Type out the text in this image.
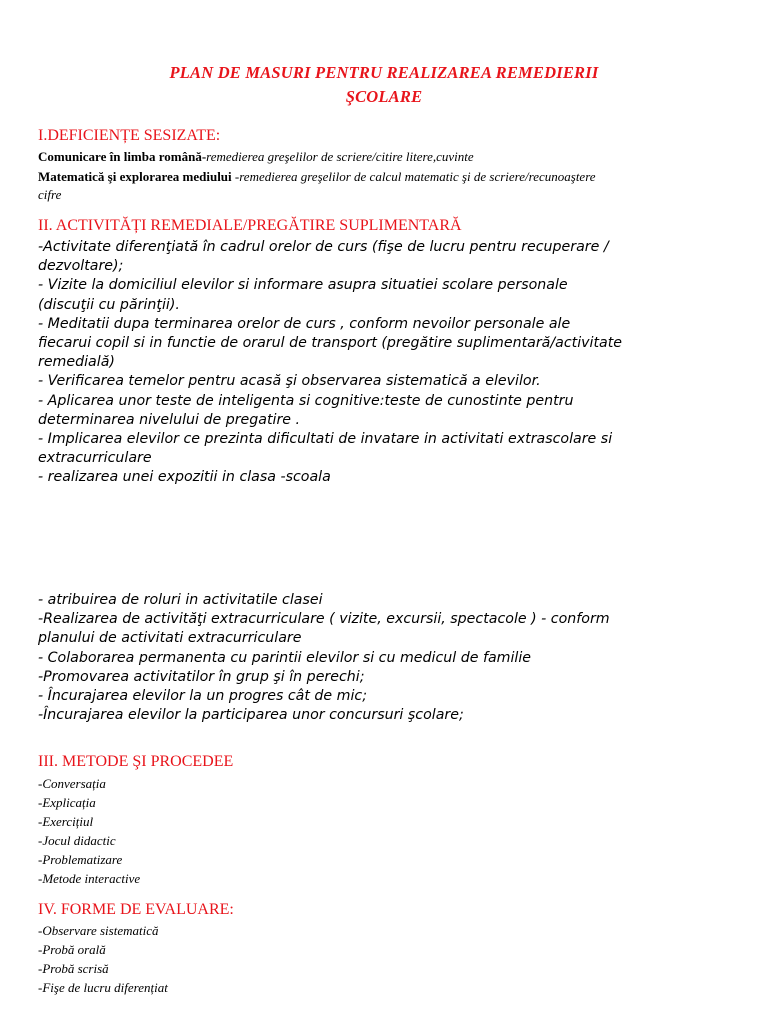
PLAN DE MASURI PENTRU REALIZAREA REMEDIERII
ŞCOLARE
I.DEFICIENȚE SESIZATE:
Comunicare în limba română-remedierea greşelilor de scriere/citire litere,cuvinte
Matematică şi explorarea mediului -remedierea greşelilor de calcul matematic şi de scriere/recunoaştere
cifre
II. ACTIVITĂȚI REMEDIALE/PREGĂTIRE SUPLIMENTARĂ
-Activitate diferenţiată în cadrul orelor de curs (fişe de lucru pentru recuperare /
dezvoltare);
- Vizite la domiciliul elevilor si informare asupra situatiei scolare personale
(discuţii cu părinţii).
- Meditatii dupa terminarea orelor de curs , conform nevoilor personale ale
fiecarui copil si in functie de orarul de transport (pregătire suplimentară/activitate
remedială)
- Verificarea temelor pentru acasă şi observarea sistematică a elevilor.
- Aplicarea unor teste de inteligenta si cognitive:teste de cunostinte pentru
determinarea nivelului de pregatire .
- Implicarea elevilor ce prezinta dificultati de invatare in activitati extrascolare si
extracurriculare
- realizarea unei expozitii in clasa -scoala
- atribuirea de roluri in activitatile clasei
-Realizarea de activităţi extracurriculare ( vizite, excursii, spectacole ) - conform
planului de activitati extracurriculare
- Colaborarea permanenta cu parintii elevilor si cu medicul de familie
-Promovarea activitatilor în grup şi în perechi;
- Încurajarea elevilor la un progres cât de mic;
-Încurajarea elevilor la participarea unor concursuri şcolare;
III. METODE ŞI PROCEDEE
-Conversația
-Explicația
-Exercițiul
-Jocul didactic
-Problematizare
-Metode interactive
IV. FORME DE EVALUARE:
-Observare sistematică
-Probă orală
-Probă scrisă
-Fişe de lucru diferențiat
